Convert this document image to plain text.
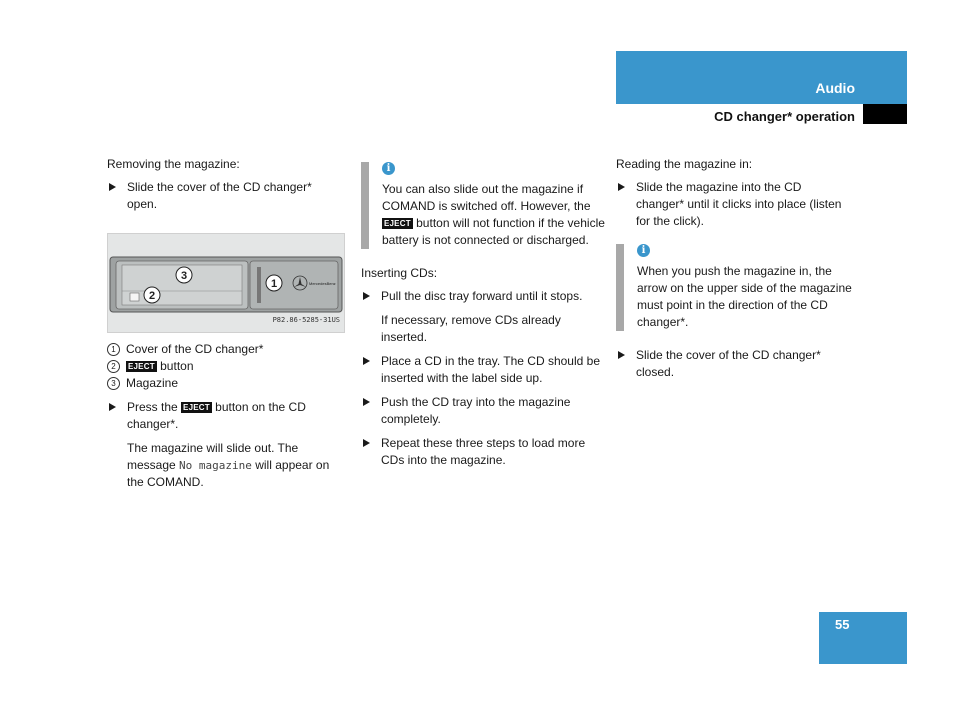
Audio
CD changer* operation

Removing the magazine:

Slide the cover of the CD changer* open.

MercedesBenz
3
1
2
P82.86-5285-31US
1 Cover of the CD changer*
2	EJECT button
3 Magazine

Press the EJECT button on the CD changer*.

The magazine will slide out. The message No magazine will appear on the COMAND.

i

You can also slide out the magazine if COMAND is switched off. However, the EJECT button will not function if the vehicle battery is not connected or discharged.

Inserting CDs:

Pull the disc tray forward until it stops.

If necessary, remove CDs already inserted.

Place a CD in the tray. The CD should be inserted with the label side up.

Push the CD tray into the magazine completely.

Repeat these three steps to load more CDs into the magazine.

Reading the magazine in:

Slide the magazine into the CD changer* until it clicks into place (listen for the click).

i

When you push the magazine in, the arrow on the upper side of the magazine must point in the direction of the CD changer*.

Slide the cover of the CD changer* closed.

55
